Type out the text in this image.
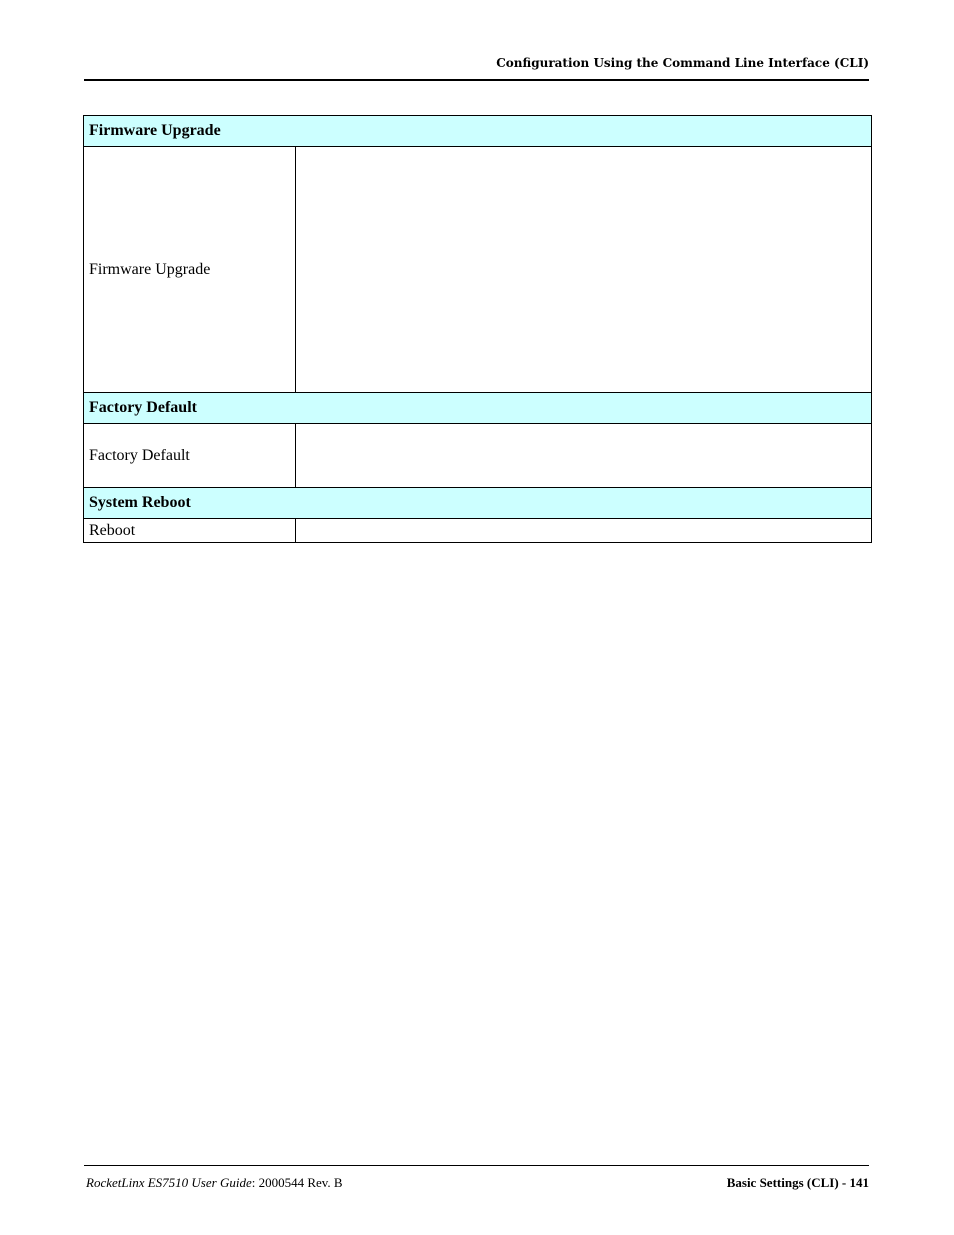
Configuration Using the Command Line Interface (CLI)
Firmware Upgrade	
Firmware Upgrade	
Factory Default	
Factory Default	
System Reboot	
Reboot	
RocketLinx ES7510 User Guide: 2000544 Rev. B	Basic Settings (CLI) - 141
